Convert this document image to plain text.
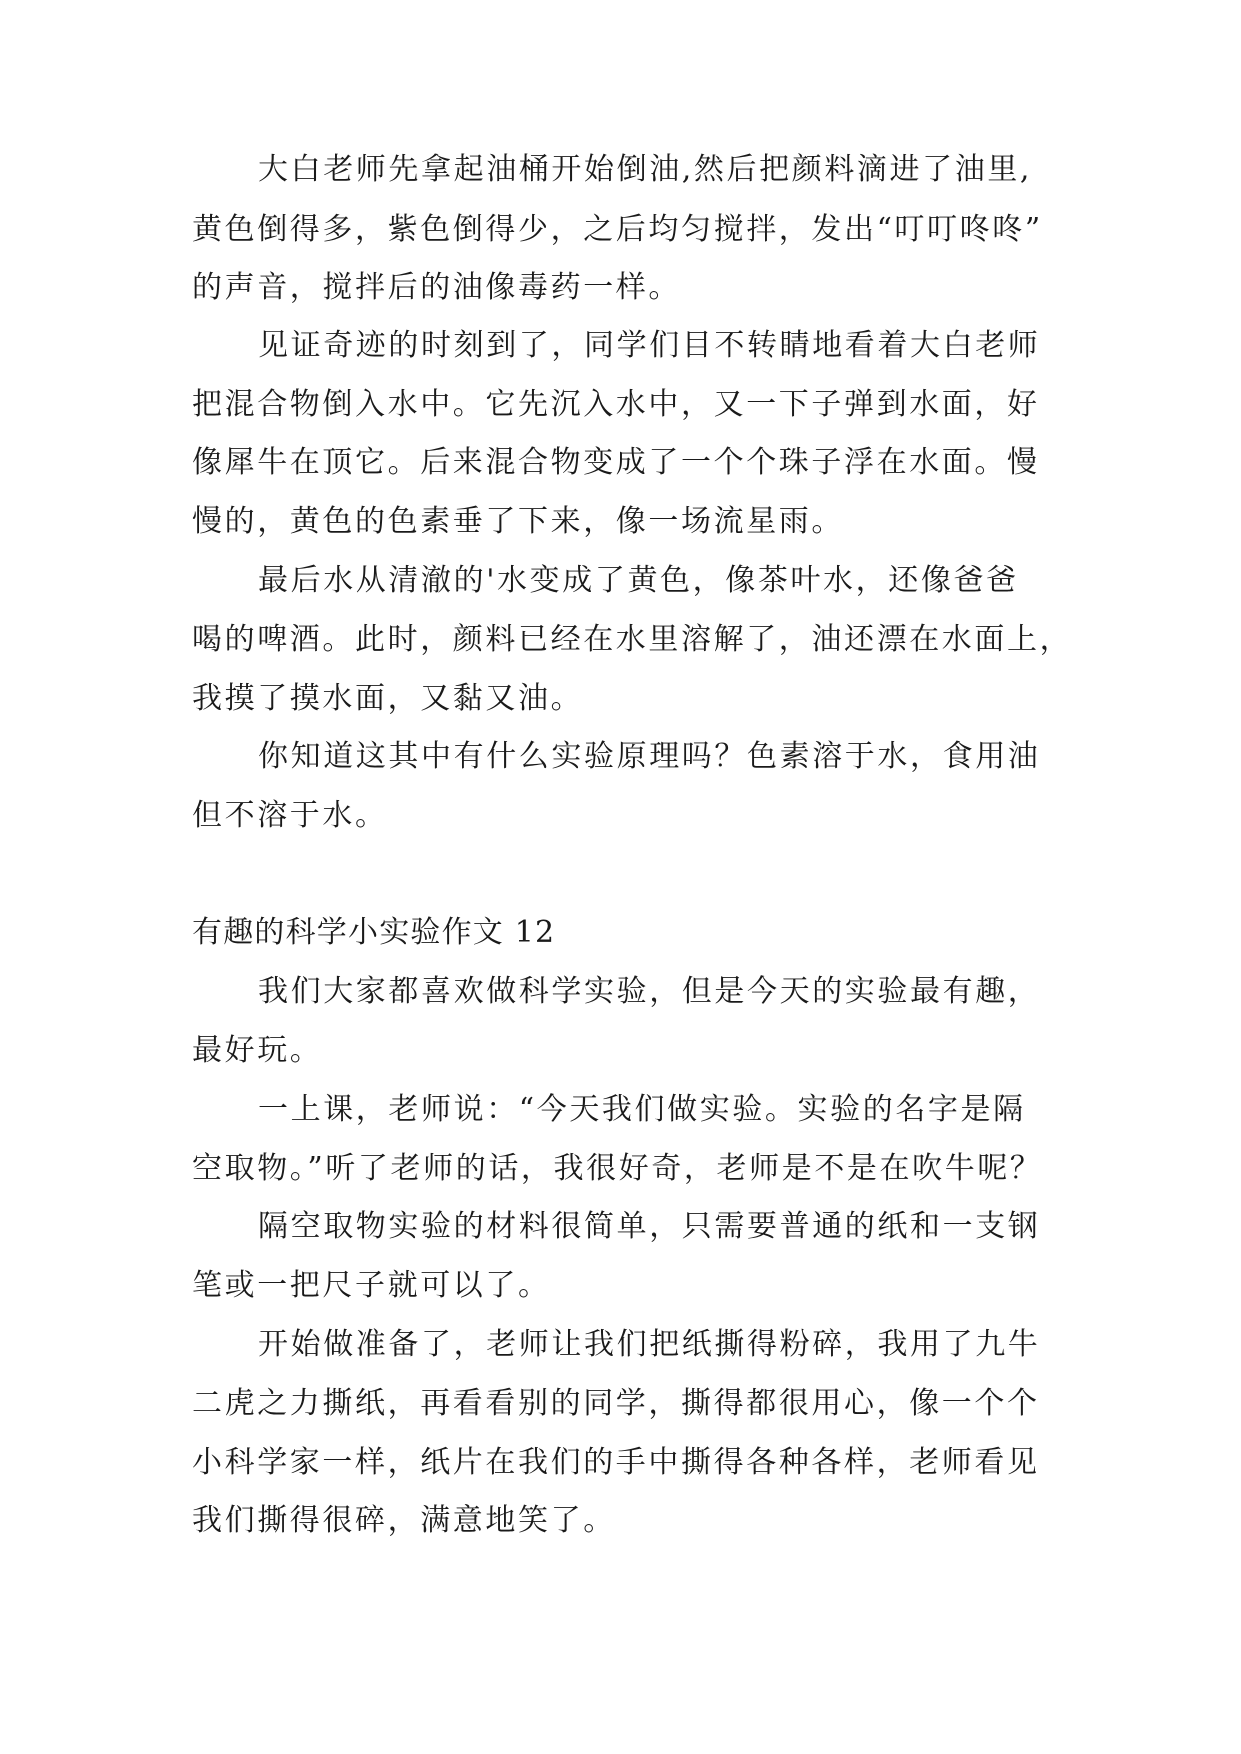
大白老师先拿起油桶开始倒油,然后把颜料滴进了油里,
黄色倒得多，紫色倒得少，之后均匀搅拌，发出“叮叮咚咚”
的声音，搅拌后的油像毒药一样。
见证奇迹的时刻到了，同学们目不转睛地看着大白老师
把混合物倒入水中。它先沉入水中，又一下子弹到水面，好
像犀牛在顶它。后来混合物变成了一个个珠子浮在水面。慢
慢的，黄色的色素垂了下来，像一场流星雨。
最后水从清澈的'水变成了黄色，像茶叶水，还像爸爸
喝的啤酒。此时，颜料已经在水里溶解了，油还漂在水面上，
我摸了摸水面，又黏又油。
你知道这其中有什么实验原理吗？色素溶于水，食用油
但不溶于水。
有趣的科学小实验作文 12
我们大家都喜欢做科学实验，但是今天的实验最有趣，
最好玩。
一上课，老师说：“今天我们做实验。实验的名字是隔
空取物。”听了老师的话，我很好奇，老师是不是在吹牛呢？
隔空取物实验的材料很简单，只需要普通的纸和一支钢
笔或一把尺子就可以了。
开始做准备了，老师让我们把纸撕得粉碎，我用了九牛
二虎之力撕纸，再看看别的同学，撕得都很用心，像一个个
小科学家一样，纸片在我们的手中撕得各种各样，老师看见
我们撕得很碎，满意地笑了。
